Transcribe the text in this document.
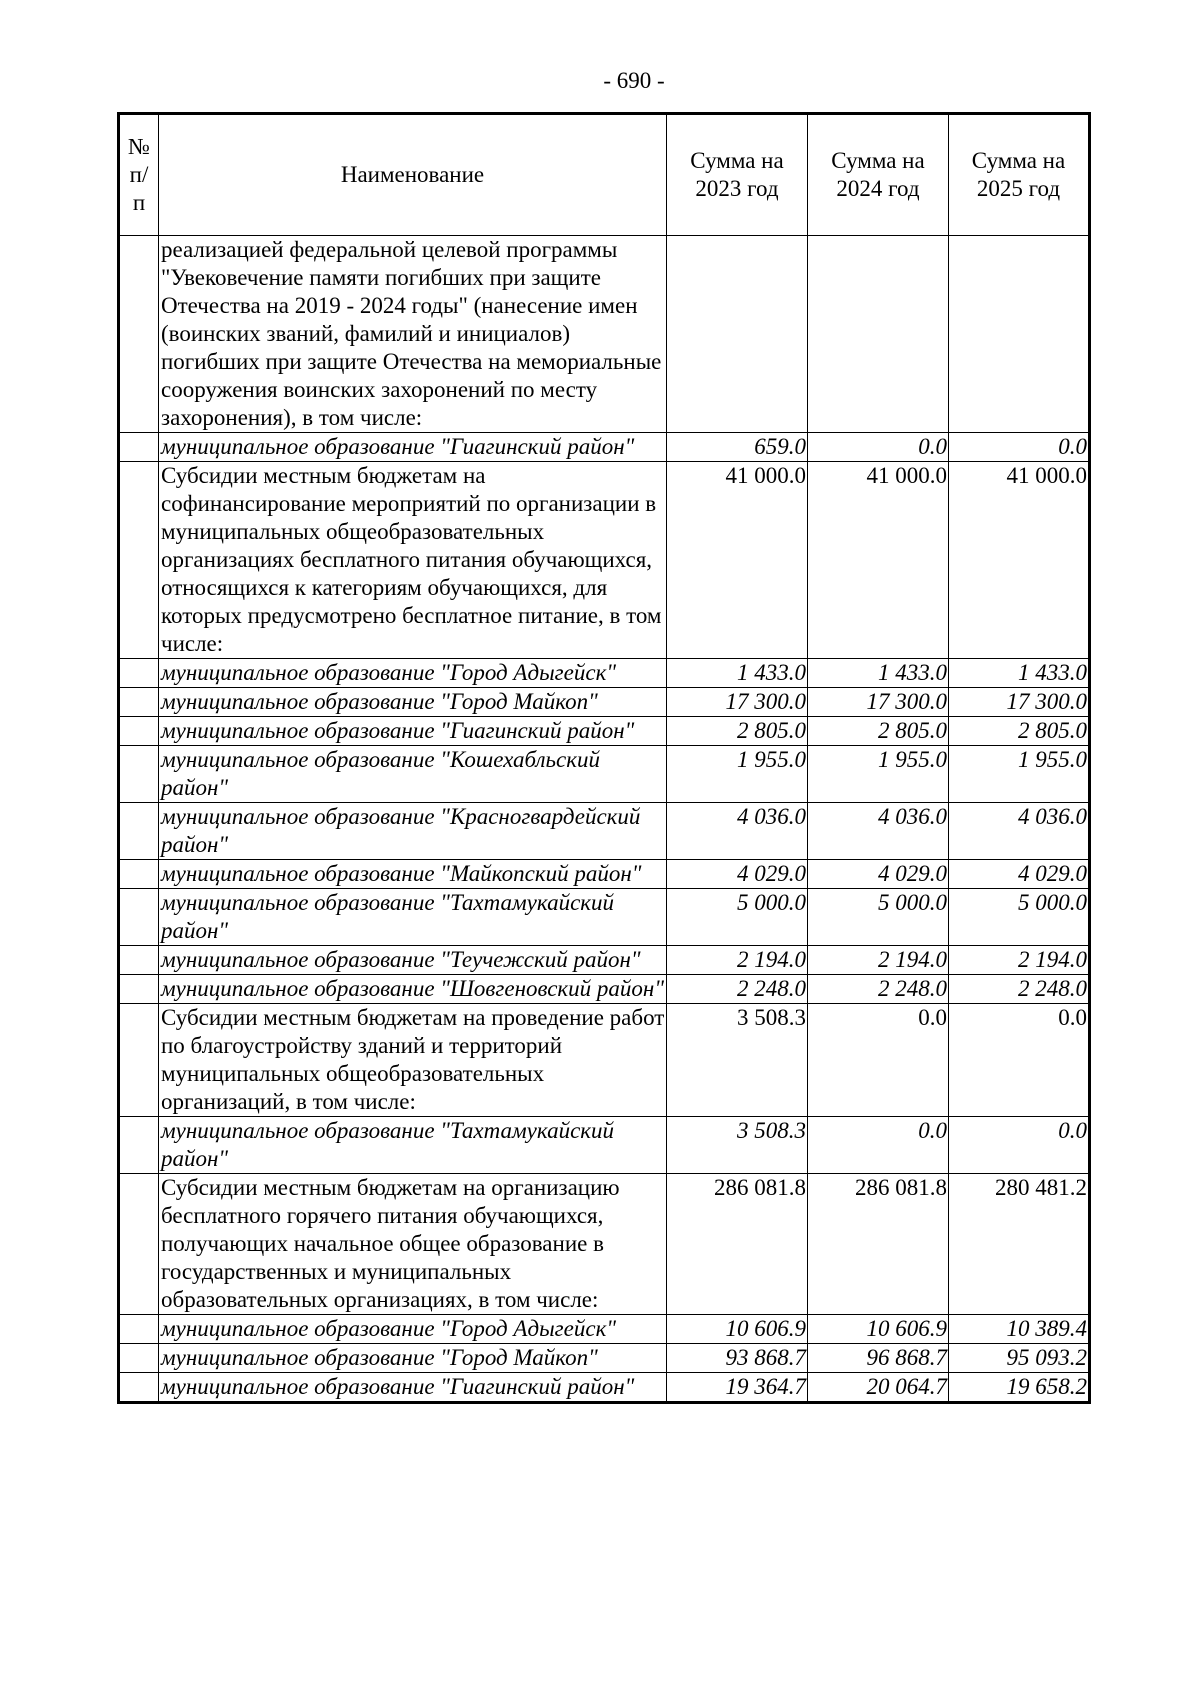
- 690 -
№ п/п	Наименование	Сумма на 2023 год	Сумма на 2024 год	Сумма на 2025 год
	реализацией федеральной целевой программы "Увековечение памяти погибших при защите Отечества на 2019 - 2024 годы" (нанесение имен (воинских званий, фамилий и инициалов) погибших при защите Отечества на мемориальные сооружения воинских захоронений по месту захоронения), в том числе:			
	муниципальное образование "Гиагинский район"	659.0	0.0	0.0
	Субсидии местным бюджетам на софинансирование мероприятий по организации в муниципальных общеобразовательных организациях бесплатного питания обучающихся, относящихся к категориям обучающихся, для которых предусмотрено бесплатное питание, в том числе:	41 000.0	41 000.0	41 000.0
	муниципальное образование "Город Адыгейск"	1 433.0	1 433.0	1 433.0
	муниципальное образование "Город Майкоп"	17 300.0	17 300.0	17 300.0
	муниципальное образование "Гиагинский район"	2 805.0	2 805.0	2 805.0
	муниципальное образование "Кошехабльский район"	1 955.0	1 955.0	1 955.0
	муниципальное образование "Красногвардейский район"	4 036.0	4 036.0	4 036.0
	муниципальное образование "Майкопский район"	4 029.0	4 029.0	4 029.0
	муниципальное образование "Тахтамукайский район"	5 000.0	5 000.0	5 000.0
	муниципальное образование "Теучежский район"	2 194.0	2 194.0	2 194.0
	муниципальное образование "Шовгеновский район"	2 248.0	2 248.0	2 248.0
	Субсидии местным бюджетам на проведение работ по благоустройству зданий и территорий муниципальных общеобразовательных организаций, в том числе:	3 508.3	0.0	0.0
	муниципальное образование "Тахтамукайский район"	3 508.3	0.0	0.0
	Субсидии местным бюджетам на организацию бесплатного горячего питания обучающихся, получающих начальное общее образование в государственных и муниципальных образовательных организациях, в том числе:	286 081.8	286 081.8	280 481.2
	муниципальное образование "Город Адыгейск"	10 606.9	10 606.9	10 389.4
	муниципальное образование "Город Майкоп"	93 868.7	96 868.7	95 093.2
	муниципальное образование "Гиагинский район"	19 364.7	20 064.7	19 658.2
